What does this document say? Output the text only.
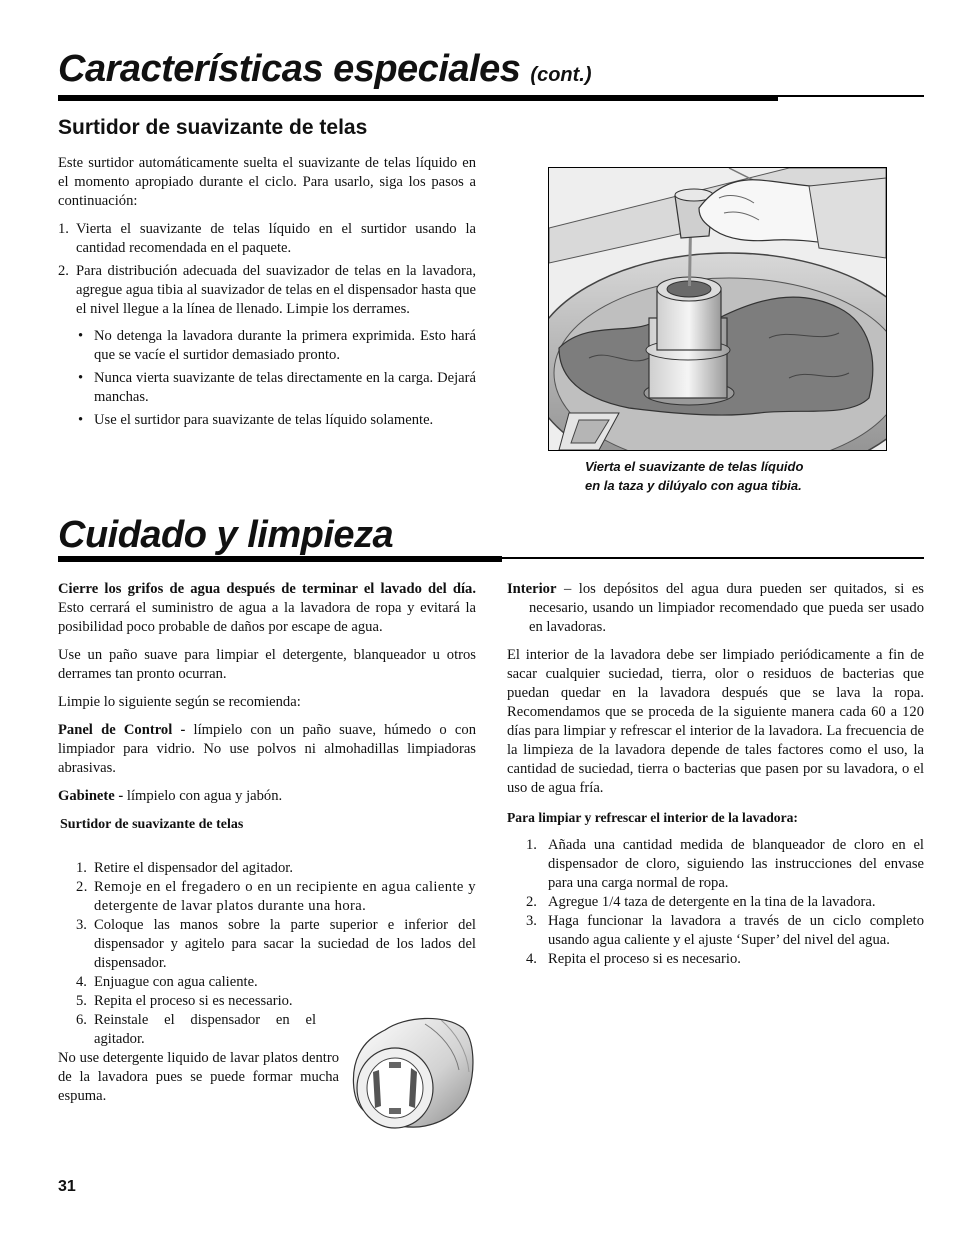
Características especiales (cont.)
Surtidor de suavizante de telas
Este surtidor automáticamente suelta el suavizante de telas líquido en el momento apropiado durante el ciclo. Para usarlo, siga los pasos a continuación:
1. Vierta el suavizante de telas líquido en el surtidor usando la cantidad recomendada en el paquete.
2. Para distribución adecuada del suavizador de telas en la lavadora, agregue agua tibia al suavizador de telas en el dispensador hasta que el nivel llegue a la línea de llenado. Limpie los derrames.
• No detenga la lavadora durante la primera exprimida. Esto hará que se vacíe el surtidor demasiado pronto.
• Nunca vierta suavizante de telas directamente en la carga. Dejará manchas.
• Use el surtidor para suavizante de telas líquido solamente.
Vierta el suavizante de telas líquido
en la taza y dilúyalo con agua tibia.
Cuidado y limpieza
Cierre los grifos de agua después de terminar el lavado del día. Esto cerrará el suministro de agua a la lavadora de ropa y evitará la posibilidad poco probable de daños por escape de agua.
Use un paño suave para limpiar el detergente, blanqueador u otros derrames tan pronto ocurran.
Limpie lo siguiente según se recomienda:
Panel de Control - límpielo con un paño suave, húmedo o con limpiador para vidrio. No use polvos ni almohadillas limpiadoras abrasivas.
Gabinete - límpielo con agua y jabón.
Surtidor de suavizante de telas
1. Retire el dispensador del agitador.
2. Remoje en el fregadero o en un recipiente en agua caliente y detergente de lavar platos durante una hora.
3. Coloque las manos sobre la parte superior e inferior del dispensador y agitelo para sacar la suciedad de los lados del dispensador.
4. Enjuague con agua caliente.
5. Repita el proceso si es necessario.
6. Reinstale el dispensador en el agitador.
No use detergente liquido de lavar platos dentro de la lavadora pues se puede formar mucha espuma.
Interior – los depósitos del agua dura pueden ser quitados, si es necesario, usando un limpiador recomendado que pueda ser usado en lavadoras.
El interior de la lavadora debe ser limpiado periódicamente a fin de sacar cualquier suciedad, tierra, olor o residuos de bacterias que puedan quedar en la lavadora después que se lava la ropa. Recomendamos que se proceda de la siguiente manera cada 60 a 120 días para limpiar y refrescar el interior de la lavadora. La frecuencia de la limpieza de la lavadora depende de tales factores como el uso, la cantidad de suciedad, tierra o bacterias que pasen por su lavadora, o el uso de agua fría.
Para limpiar y refrescar el interior de la lavadora:
1. Añada una cantidad medida de blanqueador de cloro en el dispensador de cloro, siguiendo las instrucciones del envase para una carga normal de ropa.
2. Agregue 1/4 taza de detergente en la tina de la lavadora.
3. Haga funcionar la lavadora a través de un ciclo completo usando agua caliente y el ajuste ‘Super’ del nivel del agua.
4. Repita el proceso si es necesario.
31
